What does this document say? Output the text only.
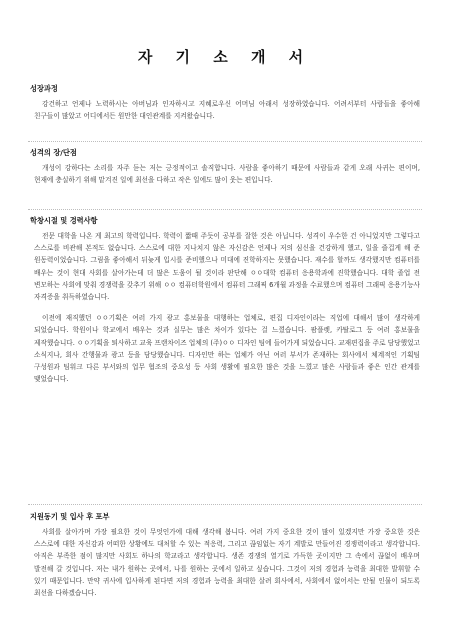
자 기 소 개 서
성장과정

강건하고 언제나 노력하시는 아버님과 인자하시고 지혜로우신 어머님 아래서 성장하였습니다. 어려서부터 사람들을 좋아해 친구들이 많았고 어디에서든 원만한 대인관계를 지켜왔습니다.

성격의 장/단점

개성이 강하다는 소리를 자주 듣는 저는 긍정적이고 솔직합니다. 사람을 좋아하기 때문에 사람들과 같게 오래 사귀는 편이며, 현재에 충실하기 위해 맡겨진 일에 최선을 다하고 작은 일에도 많이 웃는 편입니다.

학창시절 및 경력사항

전문 대학을 나온 게 최고의 학력입니다. 학력이 짧때 주듯이 공부를 잘한 것은 아닙니다. 성격이 우수한 건 아니었지만 그렇다고 스스로를 비관해 본적도 없습니다. 스스로에 대한 지나치지 않은 자신감은 언제나 저의 심신을 건강하게 했고, 일을 즐겁게 해 준 원동력이었습니다. 그림을 좋아해서 뒤늦게 입시를 준비했으나 미대에 진학하지는 못했습니다. 재수를 할까도 생각했지만 컴퓨터를 배우는 것이 현대 사회를 살아가는데 더 많은 도움이 될 것이라 판단해 ㅇㅇ대학 컴퓨터 응용학과에 진학했습니다. 대학 졸업 전 변모하는 사회에 맞춰 경쟁력을 갖추기 위해 ㅇㅇ 컴퓨터학원에서 컴퓨터 그래픽 6개월 과정을 수료했으며 컴퓨터 그래픽 응용기능사 자격증을 취득하였습니다.

이전에 재직했던 ㅇㅇ기획은 여러 가지 광고 홍보물을 대행하는 업체로, 편집 디자인이라는 직업에 대해서 많이 생각하게 되었습니다. 학원이나 학교에서 배우는 것과 실무는 많은 차이가 있다는 걸 느꼈습니다. 팜플렛, 카탈로그 등 여러 홍보물을 제작했습니다. ㅇㅇ기획을 퇴사하고 교육 프랜차이즈 업체의 (주)ㅇㅇ 디자인 팀에 들어가게 되었습니다. 교재편집을 주로 담당했었고 소식지나, 회사 간행물과 광고 등을 담당했습니다. 디자인만 하는 업체가 아닌 여러 부서가 존재하는 회사에서 체계적인 기획팀 구성원과 팀워크 다른 부서와의 업무 협조의 중요성 등 사회 생활에 필요한 많은 것을 느꼈고 많은 사람들과 좋은 인간 관계를 맺었습니다.

지원동기 및 입사 후 포부

사회를 살아가며 가장 필요한 것이 무엇인가에 대해 생각해 봅니다. 여러 가지 중요한 것이 많이 있겠지만 가장 중요한 것은 스스로에 대한 자신감과 어떠한 상황에도 대처할 수 있는 적응력, 그리고 끊임없는 자기 계발로 만들어진 경쟁력이라고 생각합니다. 아직은 부족한 점이 많지만 사회도 하나의 학교라고 생각합니다. 생존 경쟁의 열기로 가득한 곳이지만 그 속에서 끊없이 배우며 발전해 갈 것입니다. 저는 내가 원하는 곳에서, 나를 원하는 곳에서 일하고 싶습니다. 그것이 저의 경험과 능력을 최대한 발휘할 수 있기 때문입니다. 만약 귀사에 입사하게 된다면 저의 경험과 능력을 최대한 살려 회사에서, 사회에서 없어서는 안될 인물이 되도록 최선을 다하겠습니다.
